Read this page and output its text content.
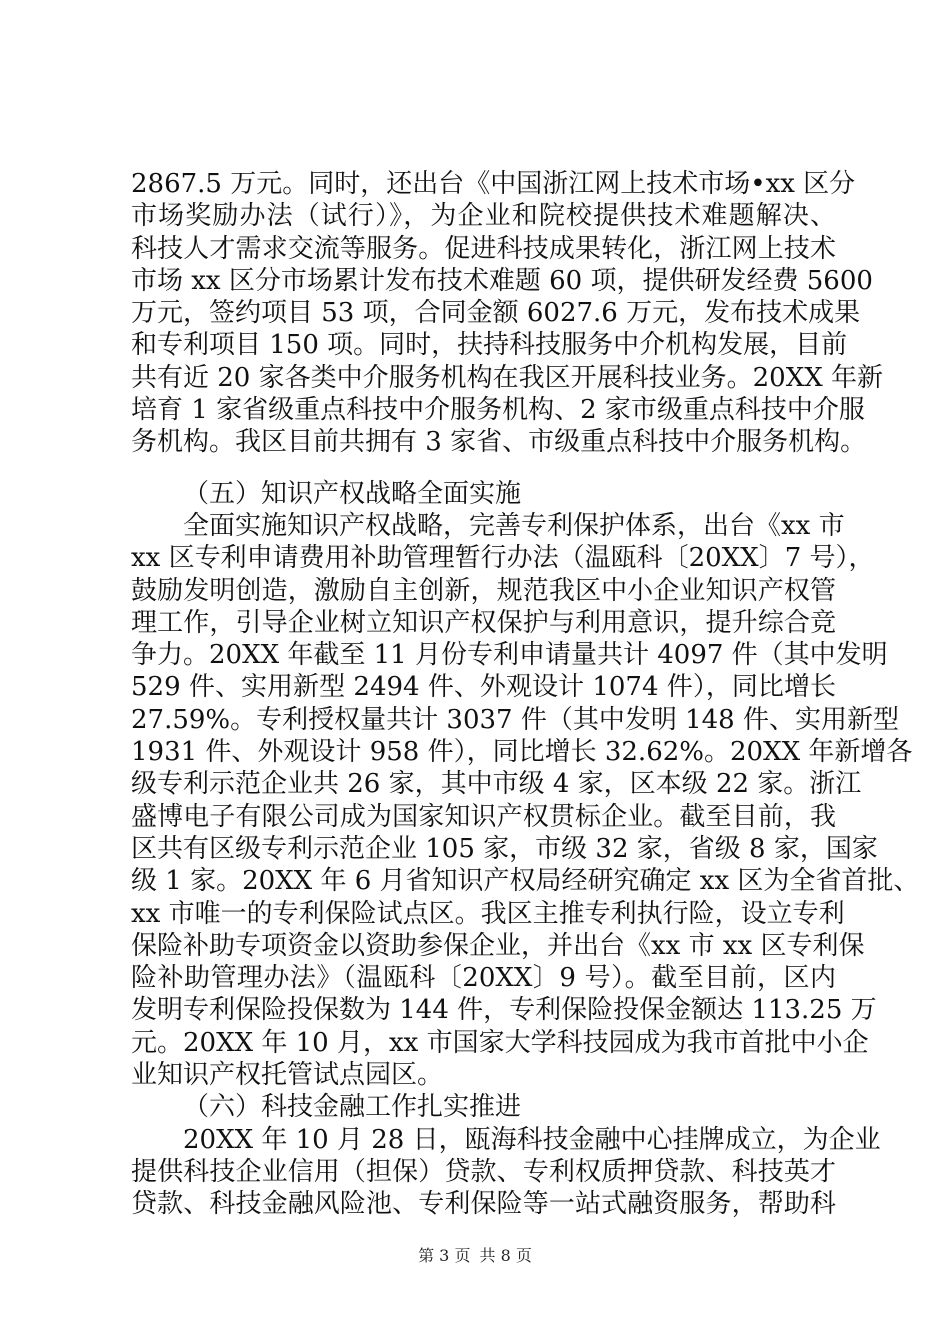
2867.5 万元。同时，还出台《中国浙江网上技术市场•xx 区分
市场奖励办法（试行）》，为企业和院校提供技术难题解决、
科技人才需求交流等服务。促进科技成果转化，浙江网上技术
市场 xx 区分市场累计发布技术难题 60 项，提供研发经费 5600
万元，签约项目 53 项，合同金额 6027.6 万元，发布技术成果
和专利项目 150 项。同时，扶持科技服务中介机构发展，目前
共有近 20 家各类中介服务机构在我区开展科技业务。20XX 年新
培育 1 家省级重点科技中介服务机构、2 家市级重点科技中介服
务机构。我区目前共拥有 3 家省、市级重点科技中介服务机构。
（五）知识产权战略全面实施
全面实施知识产权战略，完善专利保护体系，出台《xx 市
xx 区专利申请费用补助管理暂行办法（温瓯科〔20XX〕7 号），
鼓励发明创造，激励自主创新，规范我区中小企业知识产权管
理工作，引导企业树立知识产权保护与利用意识，提升综合竞
争力。20XX 年截至 11 月份专利申请量共计 4097 件（其中发明
529 件、实用新型 2494 件、外观设计 1074 件），同比增长
27.59%。专利授权量共计 3037 件（其中发明 148 件、实用新型
1931 件、外观设计 958 件），同比增长 32.62%。20XX 年新增各
级专利示范企业共 26 家，其中市级 4 家，区本级 22 家。浙江
盛博电子有限公司成为国家知识产权贯标企业。截至目前，我
区共有区级专利示范企业 105 家，市级 32 家，省级 8 家，国家
级 1 家。20XX 年 6 月省知识产权局经研究确定 xx 区为全省首批、
xx 市唯一的专利保险试点区。我区主推专利执行险，设立专利
保险补助专项资金以资助参保企业，并出台《xx 市 xx 区专利保
险补助管理办法》（温瓯科〔20XX〕9 号）。截至目前，区内
发明专利保险投保数为 144 件，专利保险投保金额达 113.25 万
元。20XX 年 10 月，xx 市国家大学科技园成为我市首批中小企
业知识产权托管试点园区。
（六）科技金融工作扎实推进
20XX 年 10 月 28 日，瓯海科技金融中心挂牌成立，为企业
提供科技企业信用（担保）贷款、专利权质押贷款、科技英才
贷款、科技金融风险池、专利保险等一站式融资服务，帮助科
第 3 页 共 8 页
